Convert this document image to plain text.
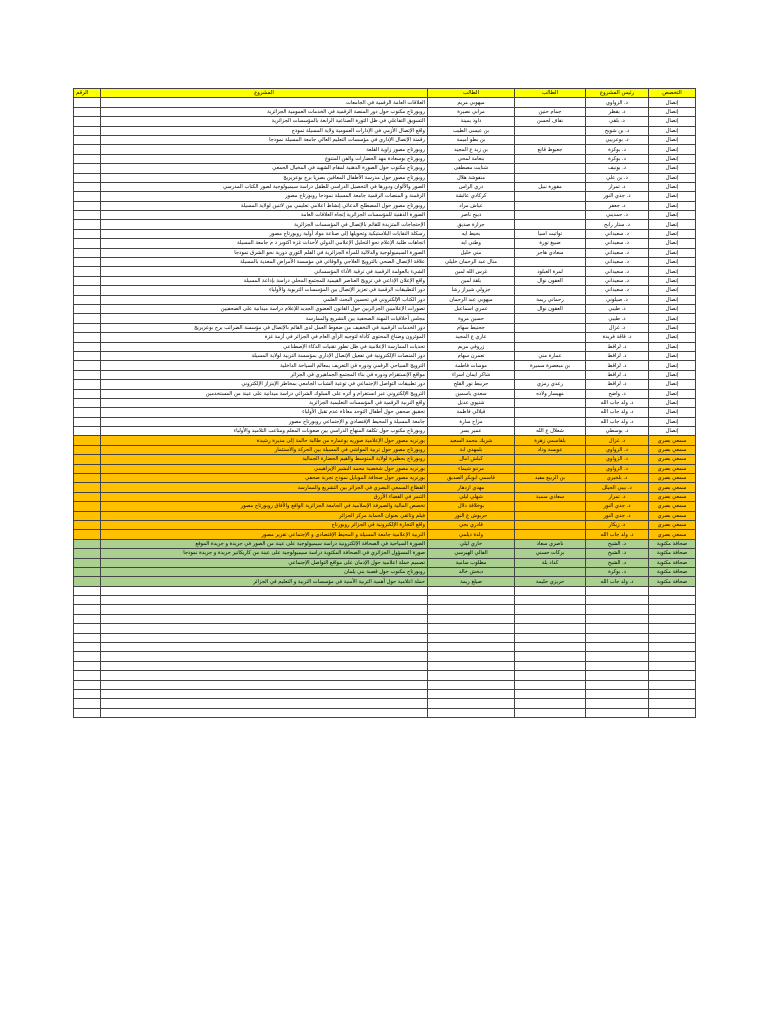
التخصص	رئيس المشروع	الطالب	الطالب	المشروع	الرقم
إتصال	د. الزواوي		ميهوبي مريم	العلاقات العامة الرقمية في الجامعات	
إتصال	د. بقطر	جمام حنين	مرابي نصيرة	روبورتاج مكتوب حول دور المنصة الرقمية في الخدمات العمومية الجزائرية	
إتصال	د. بلقي	نفاف لحسن	داود يمينة	التسويق التفاعلي في ظل الثورة الصناعية الرابعة بالمؤسسات الجزائرية	
إتصال	د. بن شويخ		بن عيسى الطيب	واقع الإتصال الأزمي في الإدارات العمومية ولاية المسيلة نموذج	
إتصال	د. بوعريبي		بن بطو اميمة	رقمنة الإتصال الإداري في مؤسسات التعليم العالي جامعة المسيلة نموذجا	
إتصال	د. بوكرة	جعبوط قانع	بن زيد ع المجيد	روبورتاج مصور زاوية القلعة	
إتصال	د. بوكرة		بنعامة لمحي	روبورتاج بوسعادة مهد الحضارات والفن المتنوع	
إتصال	د. بونيف		شنايت مصطفى	روبورتاج مكتوب حول الصورة الذهنية لمقام الشهيد في المخيال الجمعي	
إتصال	د. بن علي		منفوشة هلال	روبورتاج مصور حول مدرسة الأطفال المعاقين بصريا برج بوعريريج	
إتصال	د. تمرار	مقورة نبيل	دري الراس	الصور والألوان ودورها في التحصيل الدراسي للطفل دراسة سيميولوجية لصور الكتاب المدرسي	
إتصال	د. جدي النور		كركادي عائشة	الرقمنة و المنصات الرقمية جامعة المسيلة نموذجا روبورتاج مصور	
إتصال	د. جعفر		عياش مراد	روبورتاج مصور حول المصطلح الدعائي إنشاط اعلامي تعليمي بين لاثنين لولاية المسيلة	
إتصال	د. حمديني		ذبيح ناصر	الصورة الذهنية للمؤسسات الجزائرية إتجاه العلاقات العامة	
إتصال	د. ستار رابح		جرارة صديق	الإحتجاجات المتزيدة للقائم بالإتصال في المؤسسات الجزائرية	
إتصال	د. سعيداني	تواتيت اسيا	بحيط ايه	رسكلة النفايات البلاستيكية وتحويلها إلى صناعة مواد أولية روبورتاج مصور	
إتصال	د. سعيداني	صبيغ نورة	وطني ايه	اتجاهات طلبة الإعلام نحو التحليل الإعلامي الدولي لأحداث غزة اكتوبر د م جامعة المسيلة	
إتصال	د. سعيداني	سعادي هاجر	مني خليل	الصورة السيميولوجية والدلالية للمرأة الجزائرية في الفلم الثوري دورية نحو الشرق نموذجا	
إتصال	د. سعيداني		منال عبد الرحمان خليلي	علاقة الإتصال الصحي بالترويج العلاجي والوقائي في مؤسسة الأمراض المعدية بالمسيلة	
إتصال	د. سعيداني	لمرة العبلود	غرس الله لمين	الشيء بالعولمة الرقمية في ترقية الأداء المؤسساتي	
إتصال	د. سعيداني	العفون نوال	بلقة لمين	واقع الإعلان الإذاعي في ترويج العناصر القيمية للمجتمع المحلي دراسة بإذاعة المسيلة	
إتصال	د. سعيداني		جزولي شيراز رشا	دور التطبيقات الرقمية في تعزيز الإتصال بين المؤسسات التربوية والأولياء	
إتصال	د. صيلوني	رحماني ريمة	ميهوبي عبد الرحمان	دور الكتاب الإلكتروني في تحسين البحث العلمي	
إتصال	د. طيبي	العقون نوال	عمري اسماعيل	تصورات الإعلاميين الجزائريين حول القانون العضوي الجديد للإعلام دراسة ميدانية على الصحفيين	
إتصال	د. طيبي		حسين مروة	مجلس أخلاقيات المهنة الصحفية بين التشريع والممارسة	
إتصال	د. غزال		جحنيط سهام	دور الخدمات الرقمية في التخفيف من ضغوط العمل لدى القائم بالإتصال في مؤسسة الضرائب برج بوعريريج	
إتصال	د. قاقة فريدة		عاري ع المجيد	الموثرون وصناع المحتوى كأداة لتوجيه الرأي العام في الجزائر في أزمة غزة	
إتصال	د. لراقط		زروقي مريم	تحديات الممارسة الإعلامية في ظل تطور تقنيات الذكاء الإصطناعي	
إتصال	د. لراقط	عمارة مني	تعمرن سهام	دور المنصات الإلكترونية في تفعيل الإتصال الإداري بمؤسسة التربية لولاية المسيلة	
إتصال	د. لراقط	بن مبعصرة سميرة	موسات فاطمة	الترويج السياحي الرقمي ودوره في التعريف بمعالم السياحة الداخلية	
إتصال	د. لراقط		شاكر ايمان اسراء	مواقع الإنستقرام ودوره في بناء المجتمع الجماهيري في الجزائر	
إتصال	د. لراقط	رعدي رمزي	حربيط نور القلح	دور تطبيقات التواصل الإجتماعي في توعية الشباب الجامعي بمخاطر الإبتزاز الإلكتروني	
إتصال	د. واضح	مهيسار ولاده	سعدي ياسمين	الترويج الإلكتروني عبر انستغرام و أثره على السلوك الشرائي دراسة ميدانية على عينة من المستخدمين	
إتصال	د. ولد جاب الله		شتيوي عديل	واقع التربية الرقمية في المؤسسات التعليمية الجزائرية	
إتصال	د. ولد جاب الله		قيلالي فاطمة	تحقيق صحفي حول أطفال التوحد معاناة عدم تقبل الأولياء	
إتصال	د. ولد جاب الله		مزاح سارة	جامعة المسيلة و المحيط الإقتصادي و الإجتماعي روبورتاج مصور	
إتصال	د. بوسطي	شعلال ع الله	عمير يسر	روبورتاج مكتوب حول تكلفة المنهاج الدراسي بين صعوبات المعلم ومتاعب التلاميذ والأولياء	
سمعي بصري	د. غزال	بلقاسمي زهرة	شريك محمد السعيد	بورتريه مصور حول الإعلامية صوريه بوعماره من طالبة حالمة إلى مديرة رشيدة	
سمعي بصري	د. الزواوي	عويسة وداد	بلمهدي ابة	روبورتاج مصور حول تربية المواشي في المسيلة بين الحركة والاستثمار	
سمعي بصري	د. الزواوي		كبلش امال	روبورتاج بحظيرة لولاية المتوسط والقيم الحضارة الجمالية	
سمعي بصري	د. الزواوي		مرتنو شيماء	بورتريه مصور حول شخصية محمد البشير الإبراهيمي	
سمعي بصري	د. بلخيري	بن الربيع مفيد	قاسمي ابوبكر الصديق	بورتريه مصور حول صحافة الموبايل نموذج تجربة صحفي	
سمعي بصري	د. بيبي الجيلل		مهدي ازدهار	القطاع السمعي البصري في الجزائر بين التشريع والممارسة	
سمعي بصري	د. تمرار	سعادي سمية	شهلي ليلي	التنمر في الفضاء الأزرق	
سمعي بصري	د. جدي النور		بوخلافة دلال	تخصص المالية والصيرفة الإسلامية في الجامعة الجزائرية الواقع والأفاق روبورتاج مصور	
سمعي بصري	د. جدي النور		حربوش ع النور	فيلم وثائقي بعنوان الحماية مركز الجزائر	
سمعي بصري	د. زيكار		قادري بحي	واقع التجارة الإلكترونية في الجزائر روبورتاج	
سمعي بصري	د. ولد جاب الله		ولدة ديلمي	التربية الإعلامية جامعة المسيلة و المحيط الإقتصادي و الإجتماعي تقرير مصور	
صحافة مكتوبة	د. الشيخ	ناصري سعاد	خاري ليلي	الصورة السياحية في الصحافة الإلكترونية دراسة سيميولوجية على عينة من الصور في جريدة و جريدة الموقع	
صحافة مكتوبة	د. الشيخ	بركات حسني	الفالي الهيرسي	صورة المسؤول الجزائري في الصحافة المكتوبة دراسة سيميولوجية على عينة من كاريكاتير جريدة و جريدة نموذجا	
صحافة مكتوبة	د. الشيخ	كداد بلة	مطلوب سامية	تصميم حملة اعلامية حول الإدمان على مواقع التواصل الإجتماعي	
صحافة مكتوبة	د. بوكرة		دبخش خالد	روبورتاج مكتوب حول قصبة بني يلمان	
صحافة مكتوبة	د. ولد جاب الله	حريزي حليمة	صيلغ ريمة	حملة اعلامية حول أهمية التربية الأمنية في مؤسسات التربية و التعليم في الجزائر	
